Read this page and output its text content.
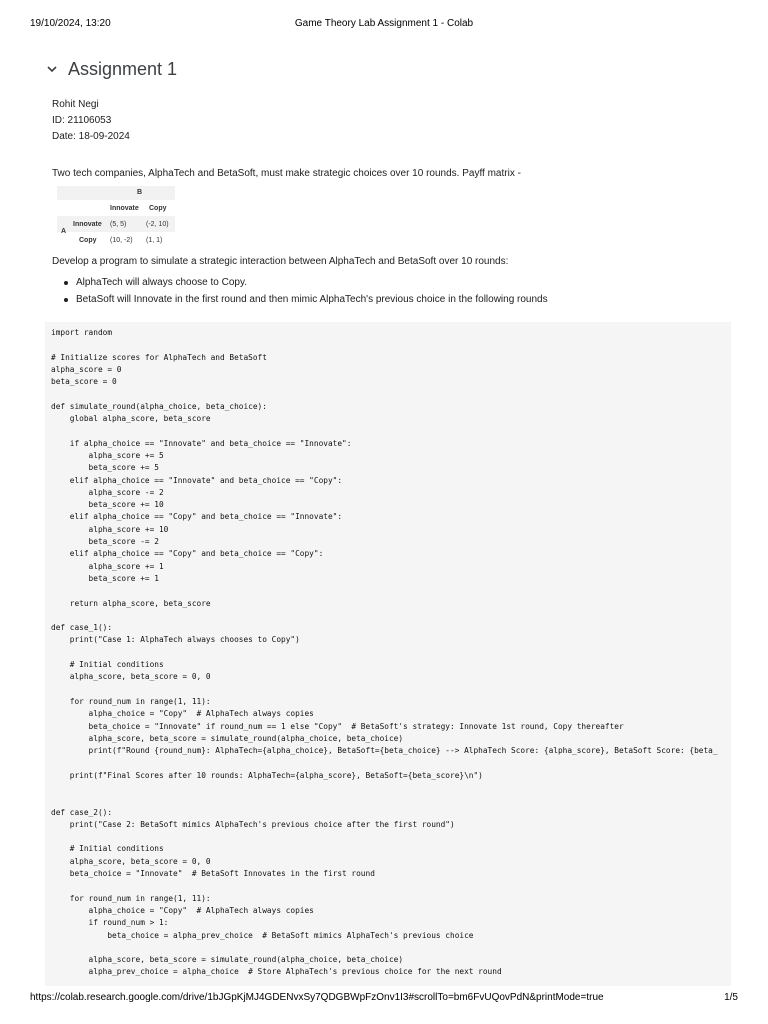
19/10/2024, 13:20	Game Theory Lab Assignment 1 - Colab
Assignment 1
Rohit Negi
ID: 21106053
Date: 18-09-2024
Two tech companies, AlphaTech and BetaSoft, must make strategic choices over 10 rounds. Payff matrix -
B
Innovate Copy
A
Innovate (5, 5)	(-2, 10)
Copy (10, -2) (1, 1)
Develop a program to simulate a strategic interaction between AlphaTech and BetaSoft over 10 rounds:
AlphaTech will always choose to Copy.
BetaSoft will Innovate in the first round and then mimic AlphaTech's previous choice in the following rounds
import random

# Initialize scores for AlphaTech and BetaSoft
alpha_score = 0
beta_score = 0

def simulate_round(alpha_choice, beta_choice):
global alpha_score, beta_score

if alpha_choice == "Innovate" and beta_choice == "Innovate":
alpha_score += 5
beta_score += 5
elif alpha_choice == "Innovate" and beta_choice == "Copy":
alpha_score -= 2
beta_score += 10
elif alpha_choice == "Copy" and beta_choice == "Innovate":
alpha_score += 10
beta_score -= 2
elif alpha_choice == "Copy" and beta_choice == "Copy":
alpha_score += 1
beta_score += 1

return alpha_score, beta_score

def case_1():
print("Case 1: AlphaTech always chooses to Copy")

# Initial conditions
alpha_score, beta_score = 0, 0

for round_num in range(1, 11):
alpha_choice = "Copy"  # AlphaTech always copies
beta_choice = "Innovate" if round_num == 1 else "Copy"  # BetaSoft's strategy: Innovate 1st round, Copy thereafter
alpha_score, beta_score = simulate_round(alpha_choice, beta_choice)
print(f"Round {round_num}: AlphaTech={alpha_choice}, BetaSoft={beta_choice} --> AlphaTech Score: {alpha_score}, BetaSoft Score: {beta_

print(f"Final Scores after 10 rounds: AlphaTech={alpha_score}, BetaSoft={beta_score}\n")

def case_2():
print("Case 2: BetaSoft mimics AlphaTech's previous choice after the first round")

# Initial conditions
alpha_score, beta_score = 0, 0
beta_choice = "Innovate"  # BetaSoft Innovates in the first round

for round_num in range(1, 11):
alpha_choice = "Copy"  # AlphaTech always copies
if round_num > 1:
beta_choice = alpha_prev_choice  # BetaSoft mimics AlphaTech's previous choice

alpha_score, beta_score = simulate_round(alpha_choice, beta_choice)
alpha_prev_choice = alpha_choice  # Store AlphaTech's previous choice for the next round
https://colab.research.google.com/drive/1bJGpKjMJ4GDENvxSy7QDGBWpFzOnv1I3#scrollTo=bm6FvUQovPdN&printMode=true	1/5
